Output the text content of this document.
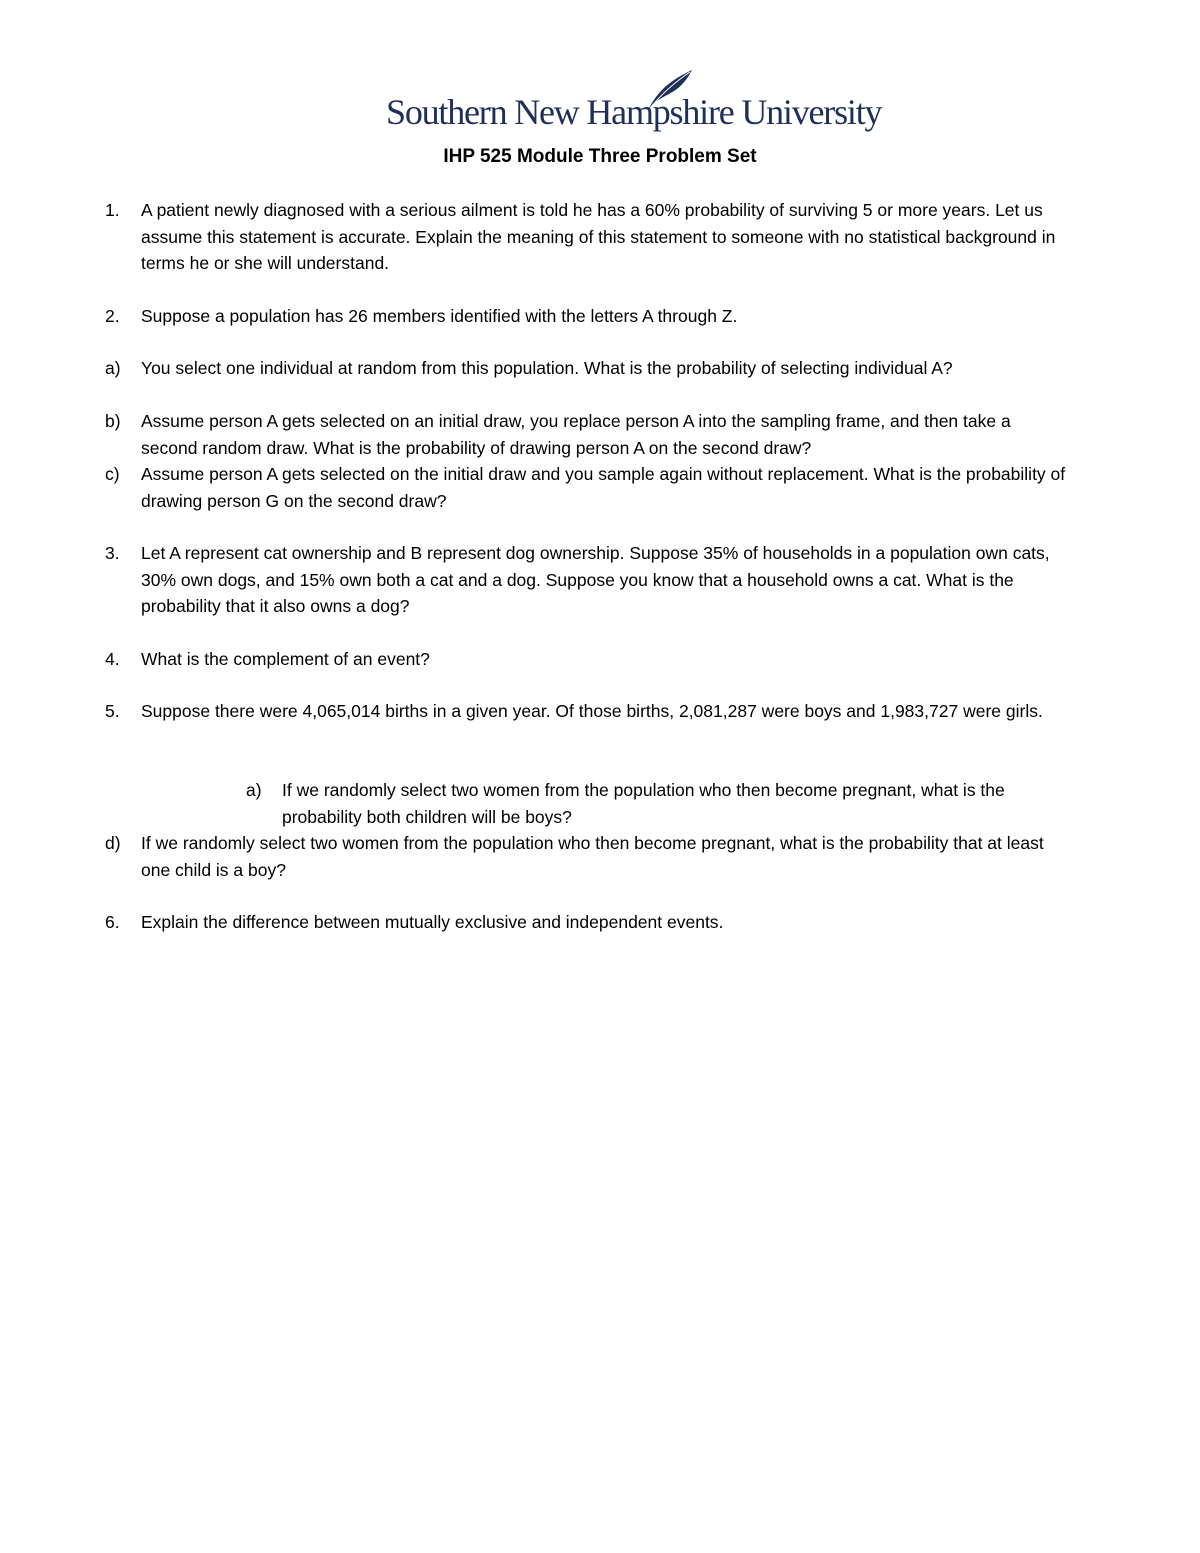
Southern New Hampshire University
IHP 525 Module Three Problem Set
1. A patient newly diagnosed with a serious ailment is told he has a 60% probability of surviving 5 or more years. Let us assume this statement is accurate. Explain the meaning of this statement to someone with no statistical background in terms he or she will understand.
2. Suppose a population has 26 members identified with the letters A through Z.
a) You select one individual at random from this population. What is the probability of selecting individual A?
b) Assume person A gets selected on an initial draw, you replace person A into the sampling frame, and then take a second random draw. What is the probability of drawing person A on the second draw?
c) Assume person A gets selected on the initial draw and you sample again without replacement. What is the probability of drawing person G on the second draw?
3. Let A represent cat ownership and B represent dog ownership. Suppose 35% of households in a population own cats, 30% own dogs, and 15% own both a cat and a dog. Suppose you know that a household owns a cat. What is the probability that it also owns a dog?
4. What is the complement of an event?
5. Suppose there were 4,065,014 births in a given year. Of those births, 2,081,287 were boys and 1,983,727 were girls.
a) If we randomly select two women from the population who then become pregnant, what is the probability both children will be boys?
d) If we randomly select two women from the population who then become pregnant, what is the probability that at least one child is a boy?
6. Explain the difference between mutually exclusive and independent events.
